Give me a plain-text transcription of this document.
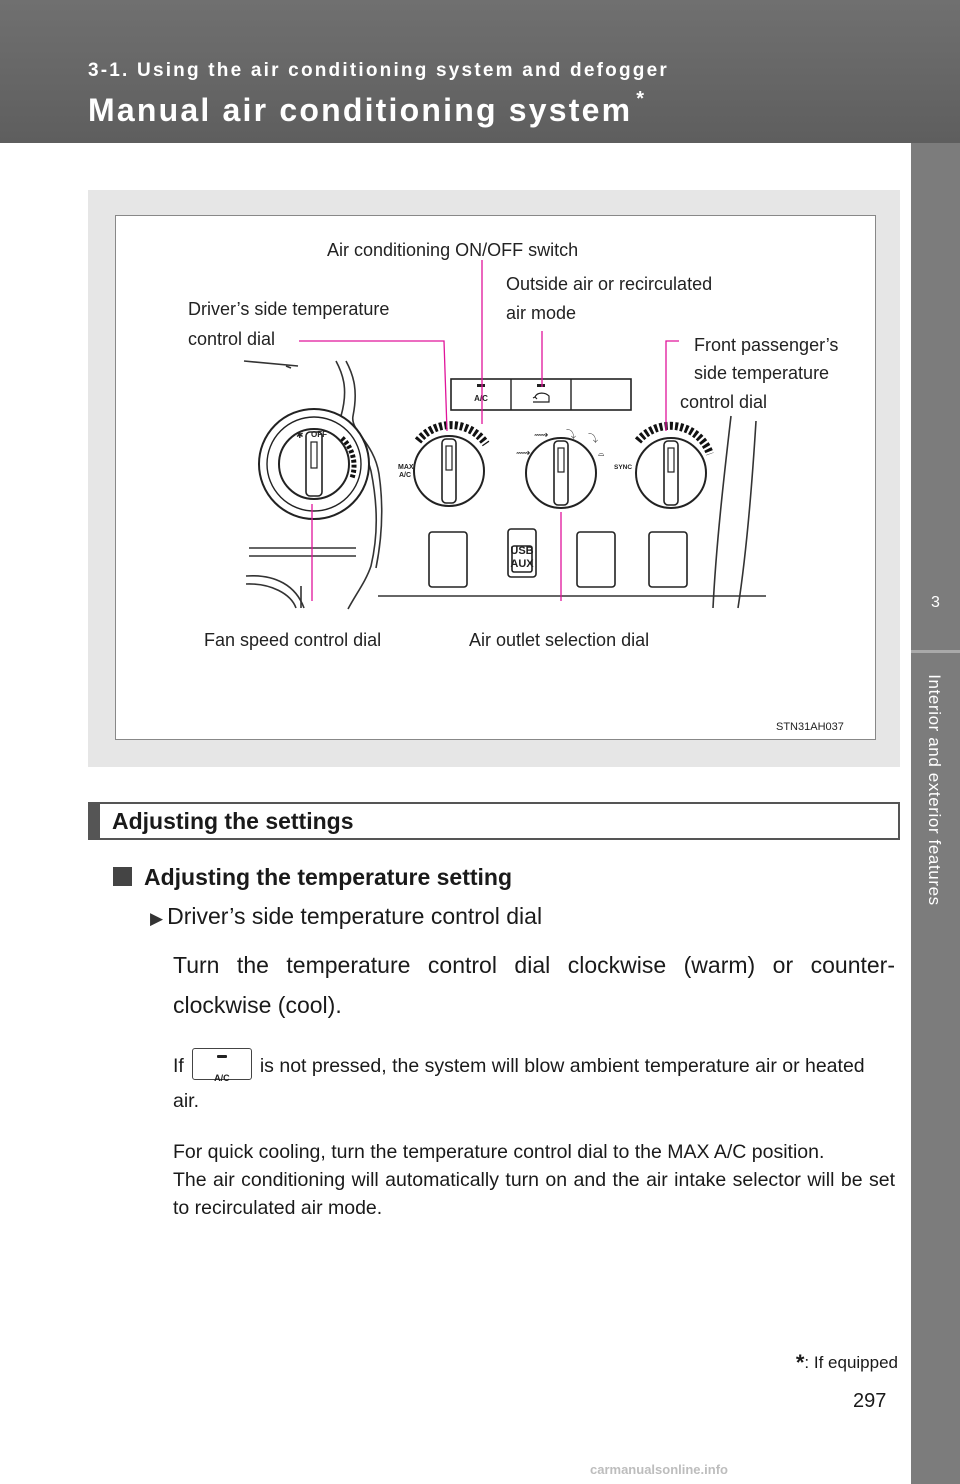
3-1. Using the air conditioning system and defogger
Manual air conditioning system *
3
Interior and exterior features
A/C
OFF
✱
MAX
A/C
⟿
⟿ ⤵ ⤵
⌓
SYNC
USB
AUX
Air conditioning ON/OFF switch
Outside air or recirculated
air mode
Driver’s side temperature
control dial	Front passenger’s
side temperature
control dial
Fan speed control dial	Air outlet selection dial
STN31AH037
Adjusting the settings
Adjusting the temperature setting
▶ Driver’s side temperature control dial
Turn the temperature control dial clockwise (warm) or counter-clockwise (cool).
If
A/C
is not pressed, the system will blow ambient temperature air or heated air.
For quick cooling, turn the temperature control dial to the MAX A/C position.
The air conditioning will automatically turn on and the air intake selector will be set to recirculated air mode.
*: If equipped
297
carmanualsonline.info
